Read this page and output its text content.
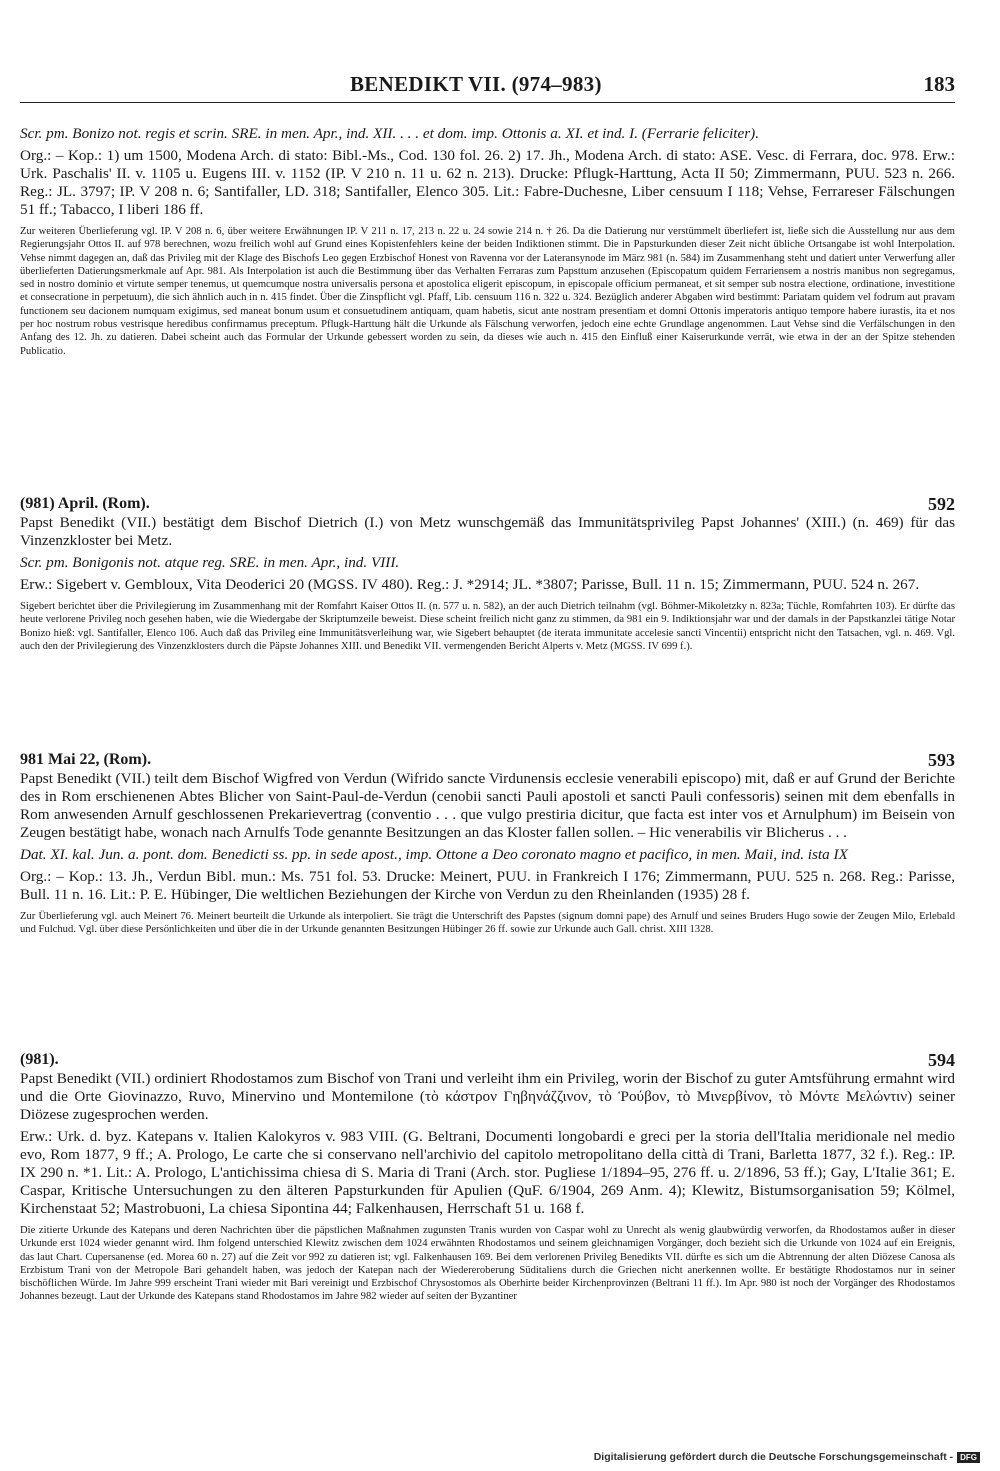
BENEDIKT VII. (974–983)	183

Scr. pm. Bonizo not. regis et scrin. SRE. in men. Apr., ind. XII. . . . et dom. imp. Ottonis a. XI. et ind. I. (Ferrarie feliciter).

Org.: – Kop.: 1) um 1500, Modena Arch. di stato: Bibl.-Ms., Cod. 130 fol. 26. 2) 17. Jh., Modena Arch. di stato: ASE. Vesc. di Ferrara, doc. 978. Erw.: Urk. Paschalis' II. v. 1105 u. Eugens III. v. 1152 (IP. V 210 n. 11 u. 62 n. 213). Drucke: Pflugk-Harttung, Acta II 50; Zimmermann, PUU. 523 n. 266. Reg.: JL. 3797; IP. V 208 n. 6; Santifaller, LD. 318; Santifaller, Elenco 305. Lit.: Fabre-Duchesne, Liber censuum I 118; Vehse, Ferrareser Fälschungen 51 ff.; Tabacco, I liberi 186 ff.

Zur weiteren Überlieferung vgl. IP. V 208 n. 6, über weitere Erwähnungen IP. V 211 n. 17, 213 n. 22 u. 24 sowie 214 n. † 26. Da die Datierung nur verstümmelt überliefert ist, ließe sich die Ausstellung nur aus dem Regierungsjahr Ottos II. auf 978 berechnen, wozu freilich wohl auf Grund eines Kopistenfehlers keine der beiden Indiktionen stimmt. Die in Papsturkunden dieser Zeit nicht übliche Ortsangabe ist wohl Interpolation. Vehse nimmt dagegen an, daß das Privileg mit der Klage des Bischofs Leo gegen Erzbischof Honest von Ravenna vor der Lateransynode im März 981 (n. 584) im Zusammenhang steht und datiert unter Verwerfung aller überlieferten Datierungsmerkmale auf Apr. 981. Als Interpolation ist auch die Bestimmung über das Verhalten Ferraras zum Papsttum anzusehen (Episcopatum quidem Ferrariensem a nostris manibus non segregamus, sed in nostro dominio et virtute semper tenemus, ut quemcumque nostra universalis persona et apostolica eligerit episcopum, in episcopale officium permaneat, et sit semper sub nostra electione, ordinatione, investitione et consecratione in perpetuum), die sich ähnlich auch in n. 415 findet. Über die Zinspflicht vgl. Pfaff, Lib. censuum 116 n. 322 u. 324. Bezüglich anderer Abgaben wird bestimmt: Pariatam quidem vel fodrum aut pravam functionem seu dacionem numquam exigimus, sed maneat bonum usum et consuetudinem antiquam, quam habetis, sicut ante nostram presentiam et domni Ottonis imperatoris antiquo tempore habere iurastis, ita et nos per hoc nostrum robus vestrisque heredibus confirmamus preceptum. Pflugk-Harttung hält die Urkunde als Fälschung verworfen, jedoch eine echte Grundlage angenommen. Laut Vehse sind die Verfälschungen in den Anfang des 12. Jh. zu datieren. Dabei scheint auch das Formular der Urkunde gebessert worden zu sein, da dieses wie auch n. 415 den Einfluß einer Kaiserurkunde verrät, wie etwa in der an der Spitze stehenden Publicatio.

(981) April. (Rom).	592

Papst Benedikt (VII.) bestätigt dem Bischof Dietrich (I.) von Metz wunschgemäß das Immunitätsprivileg Papst Johannes' (XIII.) (n. 469) für das Vinzenzkloster bei Metz.

Scr. pm. Bonigonis not. atque reg. SRE. in men. Apr., ind. VIII.

Erw.: Sigebert v. Gembloux, Vita Deoderici 20 (MGSS. IV 480). Reg.: J. *2914; JL. *3807; Parisse, Bull. 11 n. 15; Zimmermann, PUU. 524 n. 267.

Sigebert berichtet über die Privilegierung im Zusammenhang mit der Romfahrt Kaiser Ottos II. (n. 577 u. n. 582), an der auch Dietrich teilnahm (vgl. Böhmer-Mikoletzky n. 823a; Tüchle, Romfahrten 103). Er dürfte das heute verlorene Privileg noch gesehen haben, wie die Wiedergabe der Skriptumzeile beweist. Diese scheint freilich nicht ganz zu stimmen, da 981 ein 9. Indiktionsjahr war und der damals in der Papstkanzlei tätige Notar Bonizo hieß: vgl. Santifaller, Elenco 106. Auch daß das Privileg eine Immunitätsverleihung war, wie Sigebert behauptet (de iterata immunitate accelesie sancti Vincentii) entspricht nicht den Tatsachen, vgl. n. 469. Vgl. auch den der Privilegierung des Vinzenzklosters durch die Päpste Johannes XIII. und Benedikt VII. vermengenden Bericht Alperts v. Metz (MGSS. IV 699 f.).

981 Mai 22, (Rom).	593

Papst Benedikt (VII.) teilt dem Bischof Wigfred von Verdun (Wifrido sancte Virdunensis ecclesie venerabili episcopo) mit, daß er auf Grund der Berichte des in Rom erschienenen Abtes Blicher von Saint-Paul-de-Verdun (cenobii sancti Pauli apostoli et sancti Pauli confessoris) seinen mit dem ebenfalls in Rom anwesenden Arnulf geschlossenen Prekarievertrag (conventio . . . que vulgo prestiria dicitur, que facta est inter vos et Arnulphum) im Beisein von Zeugen bestätigt habe, wonach nach Arnulfs Tode genannte Besitzungen an das Kloster fallen sollen. – Hic venerabilis vir Blicherus . . .

Dat. XI. kal. Jun. a. pont. dom. Benedicti ss. pp. in sede apost., imp. Ottone a Deo coronato magno et pacifico, in men. Maii, ind. ista IX

Org.: – Kop.: 13. Jh., Verdun Bibl. mun.: Ms. 751 fol. 53. Drucke: Meinert, PUU. in Frankreich I 176; Zimmermann, PUU. 525 n. 268. Reg.: Parisse, Bull. 11 n. 16. Lit.: P. E. Hübinger, Die weltlichen Beziehungen der Kirche von Verdun zu den Rheinlanden (1935) 28 f.

Zur Überlieferung vgl. auch Meinert 76. Meinert beurteilt die Urkunde als interpoliert. Sie trägt die Unterschrift des Papstes (signum domni pape) des Arnulf und seines Bruders Hugo sowie der Zeugen Milo, Erlebald und Fulchud. Vgl. über diese Persönlichkeiten und über die in der Urkunde genannten Besitzungen Hübinger 26 ff. sowie zur Urkunde auch Gall. christ. XIII 1328.

(981).	594

Papst Benedikt (VII.) ordiniert Rhodostamos zum Bischof von Trani und verleiht ihm ein Privileg, worin der Bischof zu guter Amtsführung ermahnt wird und die Orte Giovinazzo, Ruvo, Minervino und Montemilone (τὸ κάστρον Γηβηνάζζινον, τὸ Ῥούβον, τὸ Μινερβίνον, τὸ Μόντε Μελώντιν) seiner Diözese zugesprochen werden.

Erw.: Urk. d. byz. Katepans v. Italien Kalokyros v. 983 VIII. (G. Beltrani, Documenti longobardi e greci per la storia dell'Italia meridionale nel medio evo, Rom 1877, 9 ff.; A. Prologo, Le carte che si conservano nell'archivio del capitolo metropolitano della città di Trani, Barletta 1877, 32 f.). Reg.: IP. IX 290 n. *1. Lit.: A. Prologo, L'antichissima chiesa di S. Maria di Trani (Arch. stor. Pugliese 1/1894–95, 276 ff. u. 2/1896, 53 ff.); Gay, L'Italie 361; E. Caspar, Kritische Untersuchungen zu den älteren Papsturkunden für Apulien (QuF. 6/1904, 269 Anm. 4); Klewitz, Bistumsorganisation 59; Kölmel, Kirchenstaat 52; Mastrobuoni, La chiesa Sipontina 44; Falkenhausen, Herrschaft 51 u. 168 f.

Die zitierte Urkunde des Katepans und deren Nachrichten über die päpstlichen Maßnahmen zugunsten Tranis wurden von Caspar wohl zu Unrecht als wenig glaubwürdig verworfen, da Rhodostamos außer in dieser Urkunde erst 1024 wieder genannt wird. Ihm folgend unterschied Klewitz zwischen dem 1024 erwähnten Rhodostamos und seinem gleichnamigen Vorgänger, doch bezieht sich die Urkunde von 1024 auf ein Ereignis, das laut Chart. Cupersanense (ed. Morea 60 n. 27) auf die Zeit vor 992 zu datieren ist; vgl. Falkenhausen 169. Bei dem verlorenen Privileg Benedikts VII. dürfte es sich um die Abtrennung der alten Diözese Canosa als Erzbistum Trani von der Metropole Bari gehandelt haben, was jedoch der Katepan nach der Wiedereroberung Süditaliens durch die Griechen nicht anerkennen wollte. Er bestätigte Rhodostamos nur in seiner bischöflichen Würde. Im Jahre 999 erscheint Trani wieder mit Bari vereinigt und Erzbischof Chrysostomos als Oberhirte beider Kirchenprovinzen (Beltrani 11 ff.). Im Apr. 980 ist noch der Vorgänger des Rhodostamos Johannes bezeugt. Laut der Urkunde des Katepans stand Rhodostamos im Jahre 982 wieder auf seiten der Byzantiner

Digitalisierung gefördert durch die Deutsche Forschungsgemeinschaft - DFG
